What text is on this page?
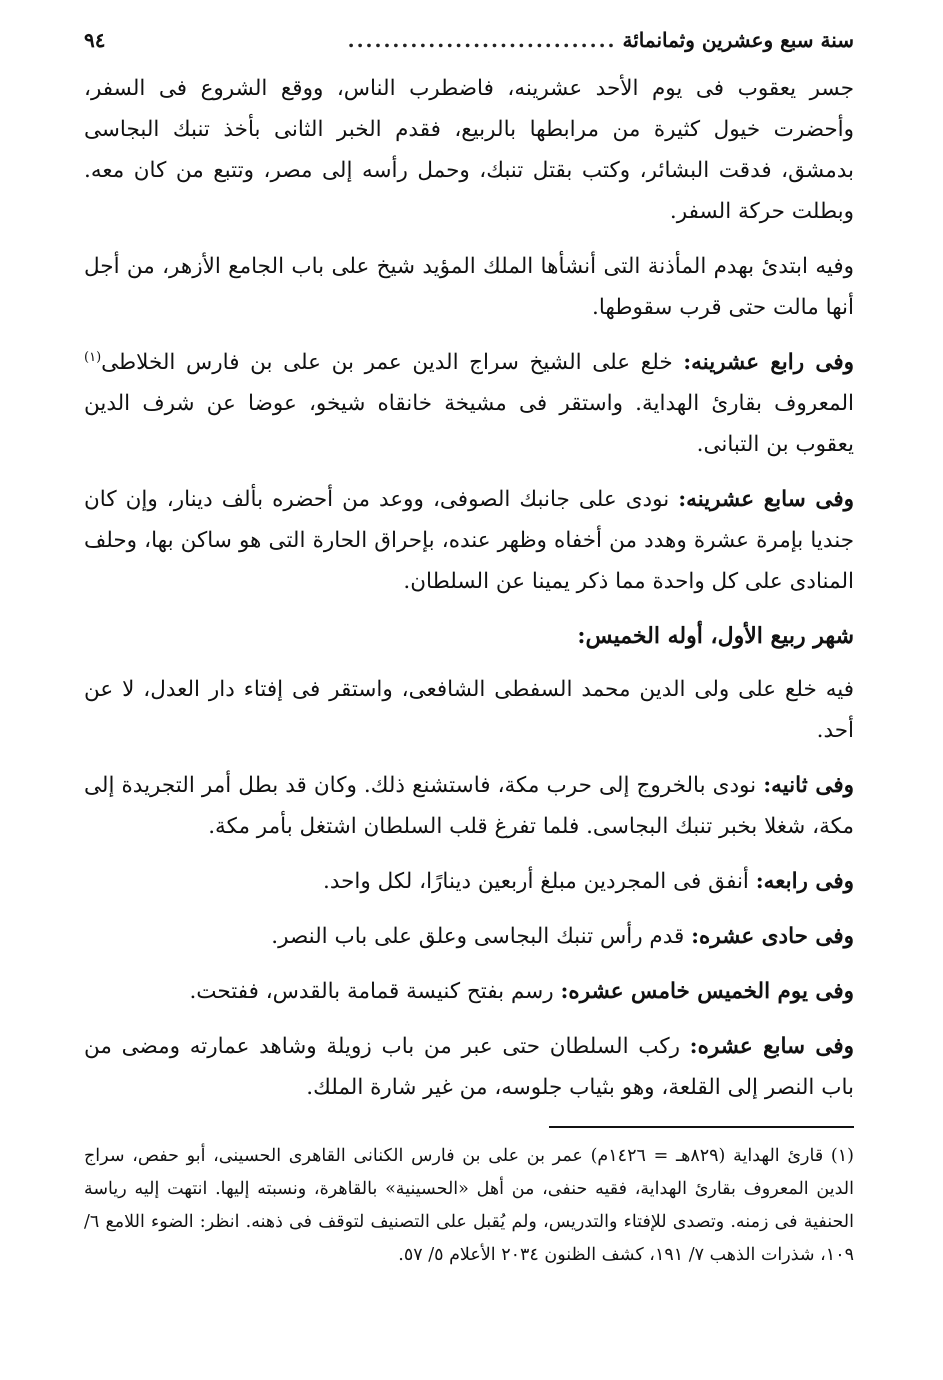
سنة سبع وعشرين وثمانمائة
..............................
٩٤

جسر يعقوب فى يوم الأحد عشرينه، فاضطرب الناس، ووقع الشروع فى السفر، وأحضرت خيول كثيرة من مرابطها بالربيع، فقدم الخبر الثانى بأخذ تنبك البجاسى بدمشق، فدقت البشائر، وكتب بقتل تنبك، وحمل رأسه إلى مصر، وتتبع من كان معه. وبطلت حركة السفر.

وفيه ابتدئ بهدم المأذنة التى أنشأها الملك المؤيد شيخ على باب الجامع الأزهر، من أجل أنها مالت حتى قرب سقوطها.

وفى رابع عشرينه: خلع على الشيخ سراج الدين عمر بن على بن فارس الخلاطى$^{(١)}$ المعروف بقارئ الهداية. واستقر فى مشيخة خانقاه شيخو، عوضا عن شرف الدين يعقوب بن التبانى.

وفى سابع عشرينه: نودى على جانبك الصوفى، ووعد من أحضره بألف دينار، وإن كان جنديا بإمرة عشرة وهدد من أخفاه وظهر عنده، بإحراق الحارة التى هو ساكن بها، وحلف المنادى على كل واحدة مما ذكر يمينا عن السلطان.

شهر ربيع الأول، أوله الخميس:

فيه خلع على ولى الدين محمد السفطى الشافعى، واستقر فى إفتاء دار العدل، لا عن أحد.

وفى ثانيه: نودى بالخروج إلى حرب مكة، فاستشنع ذلك. وكان قد بطل أمر التجريدة إلى مكة، شغلا بخبر تنبك البجاسى. فلما تفرغ قلب السلطان اشتغل بأمر مكة.

وفى رابعه: أنفق فى المجردين مبلغ أربعين دينارًا، لكل واحد.

وفى حادى عشره: قدم رأس تنبك البجاسى وعلق على باب النصر.

وفى يوم الخميس خامس عشره: رسم بفتح كنيسة قمامة بالقدس، ففتحت.

وفى سابع عشره: ركب السلطان حتى عبر من باب زويلة وشاهد عمارته ومضى من باب النصر إلى القلعة، وهو بثياب جلوسه، من غير شارة الملك.

(١) قارئ الهداية (٨٢٩هـ = ١٤٢٦م) عمر بن على بن فارس الكنانى القاهرى الحسينى، أبو حفص، سراج الدين المعروف بقارئ الهداية، فقيه حنفى، من أهل «الحسينية» بالقاهرة، ونسبته إليها. انتهت إليه رياسة الحنفية فى زمنه. وتصدى للإفتاء والتدريس، ولم يُقبل على التصنيف لتوقف فى ذهنه. انظر: الضوء اللامع ٦/ ١٠٩، شذرات الذهب ٧/ ١٩١، كشف الظنون ٢٠٣٤ الأعلام ٥/ ٥٧.
